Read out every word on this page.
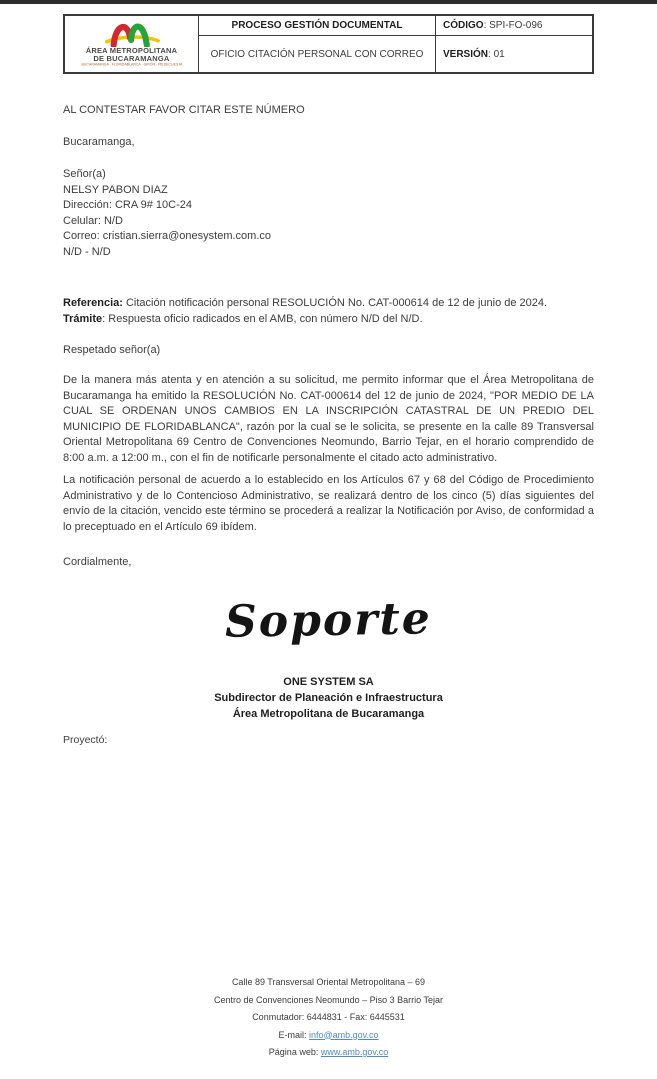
ÁREA METROPOLITANA
DE BUCARAMANGA
BUCARAMANGA · FLORIDABLANCA · GIRÓN · PIEDECUESTA
PROCESO GESTIÓN DOCUMENTAL	CÓDIGO : SPI-FO-096
OFICIO CITACIÓN PERSONAL CON CORREO	VERSIÓN : 01

AL CONTESTAR FAVOR CITAR ESTE NÚMERO

Bucaramanga,

Señor(a)

NELSY PABON DIAZ

Dirección: CRA 9# 10C-24

Celular: N/D

Correo: cristian.sierra@onesystem.com.co

N/D - N/D

Referencia: Citación notificación personal RESOLUCIÓN No. CAT-000614 de 12 de junio de 2024.

Trámite: Respuesta oficio radicados en el AMB, con número N/D del N/D.

Respetado señor(a)

De la manera más atenta y en atención a su solicitud, me permito informar que el Área Metropolitana de Bucaramanga ha emitido la RESOLUCIÓN No. CAT-000614 del 12 de junio de 2024, "POR MEDIO DE LA CUAL SE ORDENAN UNOS CAMBIOS EN LA INSCRIPCIÓN CATASTRAL DE UN PREDIO DEL MUNICIPIO DE FLORIDABLANCA", razón por la cual se le solicita, se presente en la calle 89 Transversal Oriental Metropolitana 69 Centro de Convenciones Neomundo, Barrio Tejar, en el horario comprendido de 8:00 a.m. a 12:00 m., con el fin de notificarle personalmente el citado acto administrativo.

La notificación personal de acuerdo a lo establecido en los Artículos 67 y 68 del Código de Procedimiento Administrativo y de lo Contencioso Administrativo, se realizará dentro de los cinco (5) días siguientes del envío de la citación, vencido este término se procederá a realizar la Notificación por Aviso, de conformidad a lo preceptuado en el Artículo 69 ibídem.

Cordialmente,

Soporte

ONE SYSTEM SA

Subdirector de Planeación e Infraestructura

Área Metropolitana de Bucaramanga

Proyectó:

Calle 89 Transversal Oriental Metropolitana – 69

Centro de Convenciones Neomundo – Piso 3 Barrio Tejar

Conmutador: 6444831 - Fax: 6445531

E-mail: info@amb.gov.co

Página web: www.amb.gov.co
